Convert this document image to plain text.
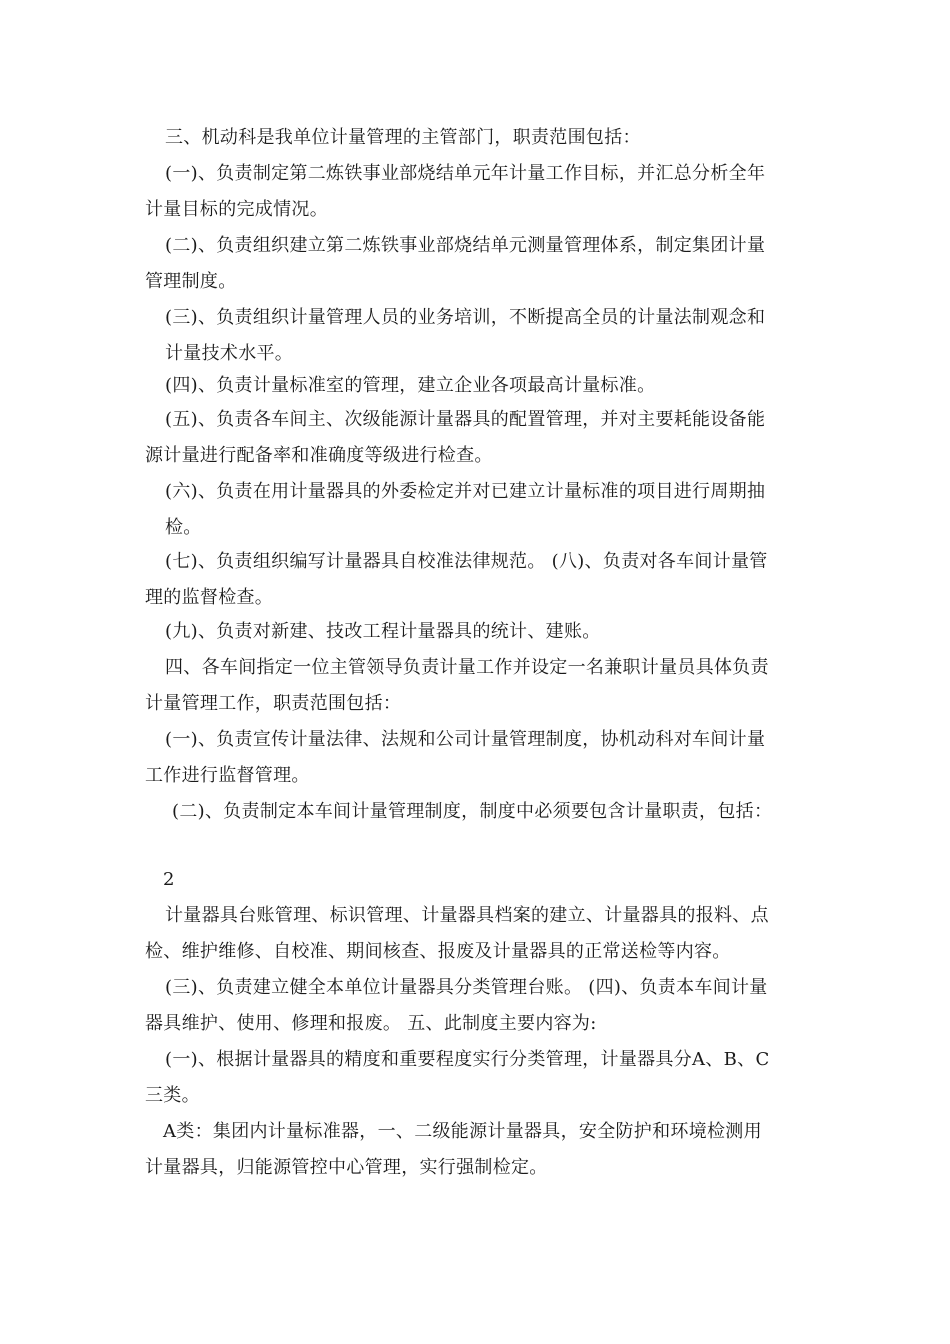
三、机动科是我单位计量管理的主管部门，职责范围包括：
(一)、负责制定第二炼铁事业部烧结单元年计量工作目标，并汇总分析全年
计量目标的完成情况。
(二)、负责组织建立第二炼铁事业部烧结单元测量管理体系，制定集团计量
管理制度。
(三)、负责组织计量管理人员的业务培训，不断提高全员的计量法制观念和
计量技术水平。
(四)、负责计量标准室的管理，建立企业各项最高计量标准。
(五)、负责各车间主、次级能源计量器具的配置管理，并对主要耗能设备能
源计量进行配备率和准确度等级进行检查。
(六)、负责在用计量器具的外委检定并对已建立计量标准的项目进行周期抽
检。
(七)、负责组织编写计量器具自校准法律规范。 (八)、负责对各车间计量管
理的监督检查。
(九)、负责对新建、技改工程计量器具的统计、建账。
四、各车间指定一位主管领导负责计量工作并设定一名兼职计量员具体负责
计量管理工作，职责范围包括：
(一)、负责宣传计量法律、法规和公司计量管理制度，协机动科对车间计量
工作进行监督管理。
(二)、负责制定本车间计量管理制度，制度中必须要包含计量职责，包括：
2
计量器具台账管理、标识管理、计量器具档案的建立、计量器具的报料、点
检、维护维修、自校准、期间核查、报废及计量器具的正常送检等内容。
(三)、负责建立健全本单位计量器具分类管理台账。 (四)、负责本车间计量
器具维护、使用、修理和报废。 五、此制度主要内容为:
(一)、根据计量器具的精度和重要程度实行分类管理，计量器具分A、B、C
三类。
A类：集团内计量标准器，一、二级能源计量器具，安全防护和环境检测用
计量器具，归能源管控中心管理，实行强制检定。
